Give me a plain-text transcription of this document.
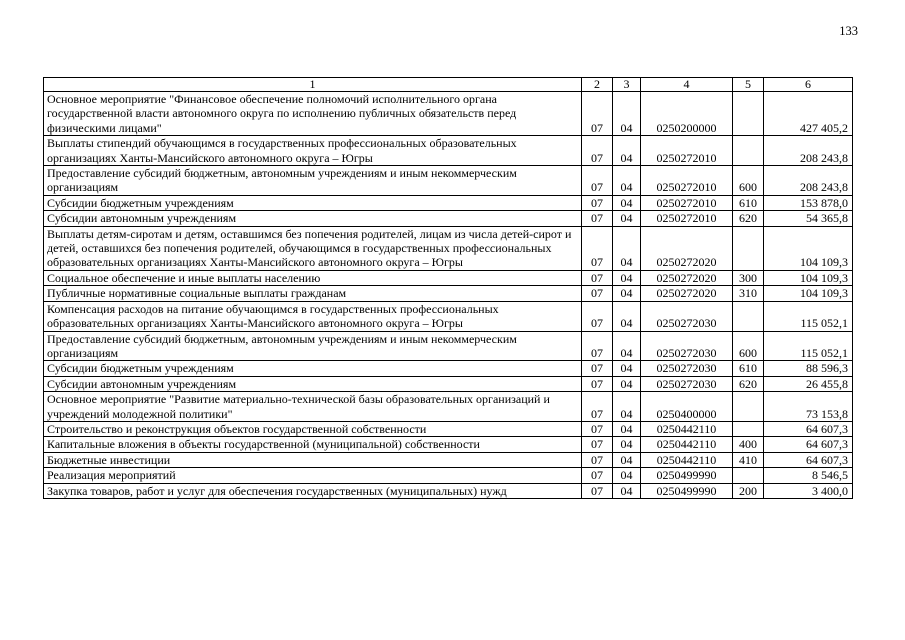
133
1	2	3	4	5	6
Основное мероприятие "Финансовое обеспечение полномочий исполнительного органа государственной власти автономного округа по исполнению публичных обязательств перед физическими лицами"	07	04	0250200000		427 405,2
Выплаты стипендий обучающимся в государственных профессиональных образовательных организациях Ханты-Мансийского автономного округа – Югры	07	04	0250272010		208 243,8
Предоставление субсидий бюджетным, автономным учреждениям и иным некоммерческим организациям	07	04	0250272010	600	208 243,8
Субсидии бюджетным учреждениям	07	04	0250272010	610	153 878,0
Субсидии автономным учреждениям	07	04	0250272010	620	54 365,8
Выплаты детям-сиротам и детям, оставшимся без попечения родителей, лицам из числа детей-сирот и детей, оставшихся без попечения родителей, обучающимся в государственных профессиональных образовательных организациях Ханты-Мансийского автономного округа – Югры	07	04	0250272020		104 109,3
Социальное обеспечение и иные выплаты населению	07	04	0250272020	300	104 109,3
Публичные нормативные социальные выплаты гражданам	07	04	0250272020	310	104 109,3
Компенсация расходов на питание обучающимся в государственных профессиональных образовательных организациях Ханты-Мансийского автономного округа – Югры	07	04	0250272030		115 052,1
Предоставление субсидий бюджетным, автономным учреждениям и иным некоммерческим организациям	07	04	0250272030	600	115 052,1
Субсидии бюджетным учреждениям	07	04	0250272030	610	88 596,3
Субсидии автономным учреждениям	07	04	0250272030	620	26 455,8
Основное мероприятие "Развитие материально-технической базы образовательных организаций и учреждений молодежной политики"	07	04	0250400000		73 153,8
Строительство и реконструкция объектов государственной собственности	07	04	0250442110		64 607,3
Капитальные вложения в объекты государственной (муниципальной) собственности	07	04	0250442110	400	64 607,3
Бюджетные инвестиции	07	04	0250442110	410	64 607,3
Реализация мероприятий	07	04	0250499990		8 546,5
Закупка товаров, работ и услуг для обеспечения государственных (муниципальных) нужд	07	04	0250499990	200	3 400,0
